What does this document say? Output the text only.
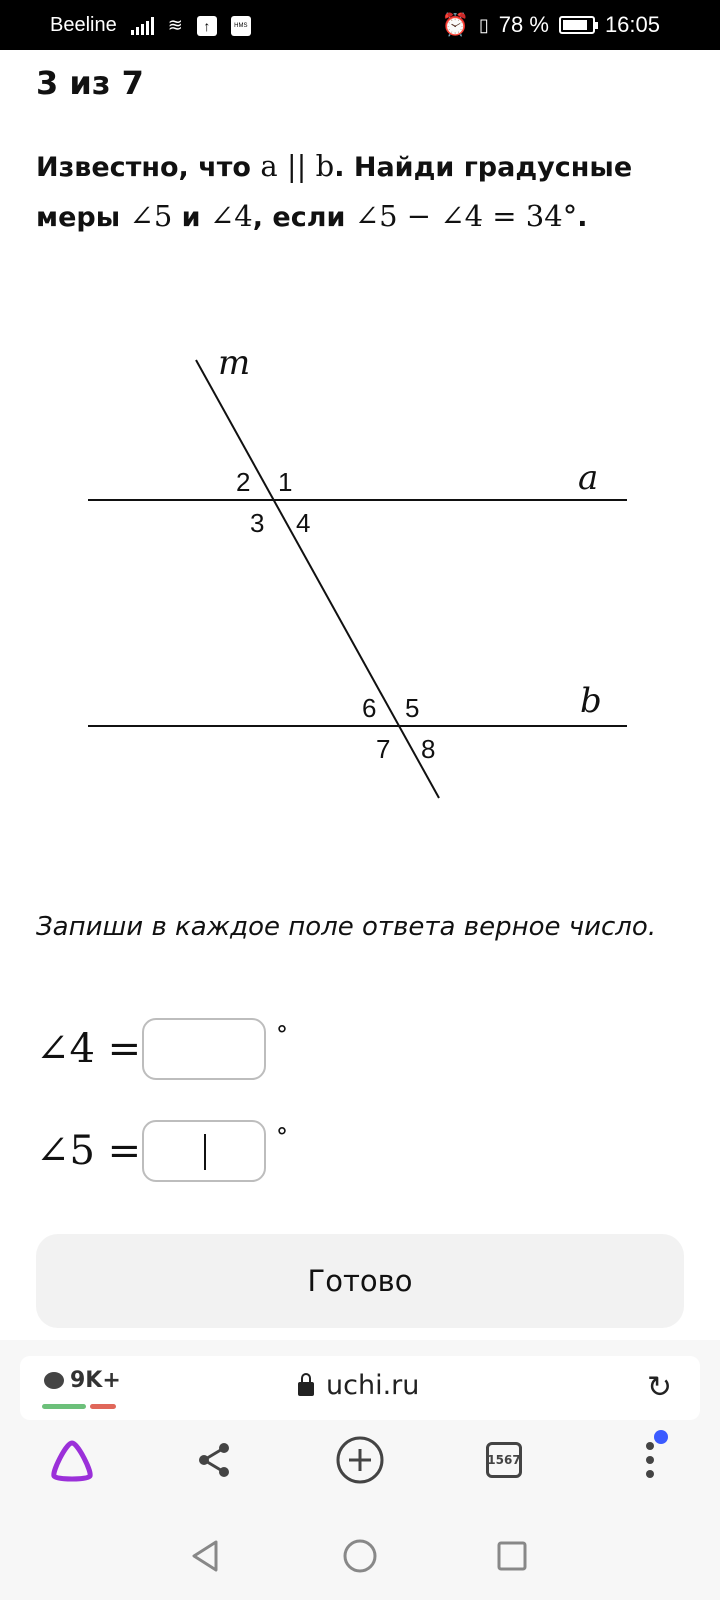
Beeline	≋	↑	HMS	⏰ ▯ 78 %	16:05
3 из 7
Известно, что a || b. Найди градусные меры ∠5 и ∠4, если ∠5 − ∠4 = 34°.
m
a
b
1
2
3 4
5
6
7 8
Запиши в каждое поле ответа верное число.
∠4 =	°
∠5 =	°
Готово
9K+	uchi.ru	↻
1567
